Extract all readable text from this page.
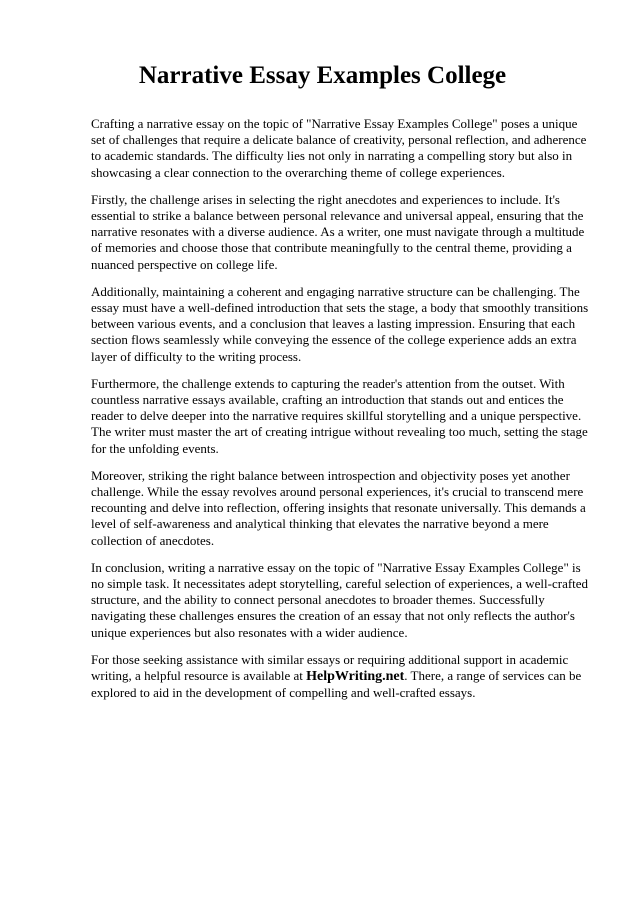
Narrative Essay Examples College

Crafting a narrative essay on the topic of "Narrative Essay Examples College" poses a unique set of challenges that require a delicate balance of creativity, personal reflection, and adherence to academic standards. The difficulty lies not only in narrating a compelling story but also in showcasing a clear connection to the overarching theme of college experiences.

Firstly, the challenge arises in selecting the right anecdotes and experiences to include. It's essential to strike a balance between personal relevance and universal appeal, ensuring that the narrative resonates with a diverse audience. As a writer, one must navigate through a multitude of memories and choose those that contribute meaningfully to the central theme, providing a nuanced perspective on college life.

Additionally, maintaining a coherent and engaging narrative structure can be challenging. The essay must have a well-defined introduction that sets the stage, a body that smoothly transitions between various events, and a conclusion that leaves a lasting impression. Ensuring that each section flows seamlessly while conveying the essence of the college experience adds an extra layer of difficulty to the writing process.

Furthermore, the challenge extends to capturing the reader's attention from the outset. With countless narrative essays available, crafting an introduction that stands out and entices the reader to delve deeper into the narrative requires skillful storytelling and a unique perspective. The writer must master the art of creating intrigue without revealing too much, setting the stage for the unfolding events.

Moreover, striking the right balance between introspection and objectivity poses yet another challenge. While the essay revolves around personal experiences, it's crucial to transcend mere recounting and delve into reflection, offering insights that resonate universally. This demands a level of self-awareness and analytical thinking that elevates the narrative beyond a mere collection of anecdotes.

In conclusion, writing a narrative essay on the topic of "Narrative Essay Examples College" is no simple task. It necessitates adept storytelling, careful selection of experiences, a well-crafted structure, and the ability to connect personal anecdotes to broader themes. Successfully navigating these challenges ensures the creation of an essay that not only reflects the author's unique experiences but also resonates with a wider audience.

For those seeking assistance with similar essays or requiring additional support in academic writing, a helpful resource is available at HelpWriting.net. There, a range of services can be explored to aid in the development of compelling and well-crafted essays.
